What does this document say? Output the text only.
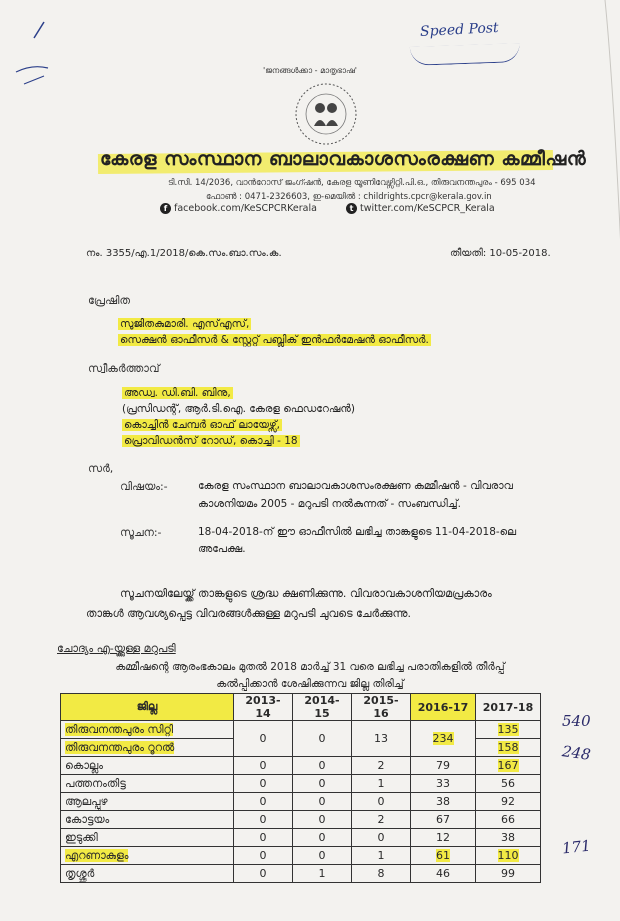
Speed Post
'ജനങ്ങൾക്കാ - മാതൃഭാഷ'
കേരള സംസ്ഥാന ബാലാവകാശസംരക്ഷണ കമ്മീഷൻ
ടി.സി. 14/2036, വാൻറോസ് ജംഗ്ഷൻ, കേരള യൂണിവേഴ്സിറ്റി.പി.ഒ., തിരുവനന്തപുരം - 695 034
ഫോൺ : 0471-2326603, ഇ-മെയിൽ : childrights.cpcr@kerala.gov.in
f facebook.com/KeSCPCRKerala	t twitter.com/KeSCPCR_Kerala
നം. 3355/എ.1/2018/കെ.സം.ബാ.സം.ക.	തീയതി: 10-05-2018.
പ്രേഷിത
സുജിതകുമാരി. എസ്എസ്,
സെക്ഷൻ ഓഫീസർ & സ്റ്റേറ്റ് പബ്ലിക് ഇൻഫർമേഷൻ ഓഫീസർ.
സ്വീകർത്താവ്
അഡ്വ. ഡി.ബി. ബിനു,
(പ്രസിഡന്റ്, ആർ.ടി.ഐ. കേരള ഫെഡറേഷൻ)
കൊച്ചിൻ ചേമ്പർ ഓഫ് ലായേഴ്സ്,
പ്രൊവിഡൻസ് റോഡ്, കൊച്ചി - 18
സർ,
വിഷയം:-	കേരള സംസ്ഥാന ബാലാവകാശസംരക്ഷണ കമ്മീഷൻ - വിവരാവ
കാശനിയമം 2005 - മറുപടി നൽകുന്നത് - സംബന്ധിച്ച്.
സൂചന:-	18-04-2018-ന് ഈ ഓഫീസിൽ ലഭിച്ച താങ്കളുടെ 11-04-2018-ലെ
അപേക്ഷ.
സൂചനയിലേയ്ക്ക് താങ്കളുടെ ശ്രദ്ധ ക്ഷണിക്കുന്നു. വിവരാവകാശനിയമപ്രകാരം
താങ്കൾ ആവശ്യപ്പെട്ട വിവരങ്ങൾക്കുള്ള മറുപടി ചുവടെ ചേർക്കുന്നു.
ചോദ്യം എ-യ്ക്കുള്ള മറുപടി
കമ്മീഷന്റെ ആരംഭകാലം മുതൽ 2018 മാർച്ച് 31 വരെ ലഭിച്ച പരാതികളിൽ തീർപ്പ്
കൽപ്പിക്കാൻ ശേഷിക്കുന്നവ ജില്ല തിരിച്ച്
ജില്ല	2013-14	2014-15	2015-16	2016-17	2017-18
തിരുവനന്തപുരം സിറ്റി	0	0	13	234	135
തിരുവനന്തപുരം റൂറൽ					158
കൊല്ലം	0	0	2	79	167
പത്തനംതിട്ട	0	0	1	33	56
ആലപ്പുഴ	0	0	0	38	92
കോട്ടയം	0	0	2	67	66
ഇടുക്കി	0	0	0	12	38
എറണാകുളം	0	0	1	61	110
തൃശ്ശൂർ	0	1	8	46	99
540
248
171
